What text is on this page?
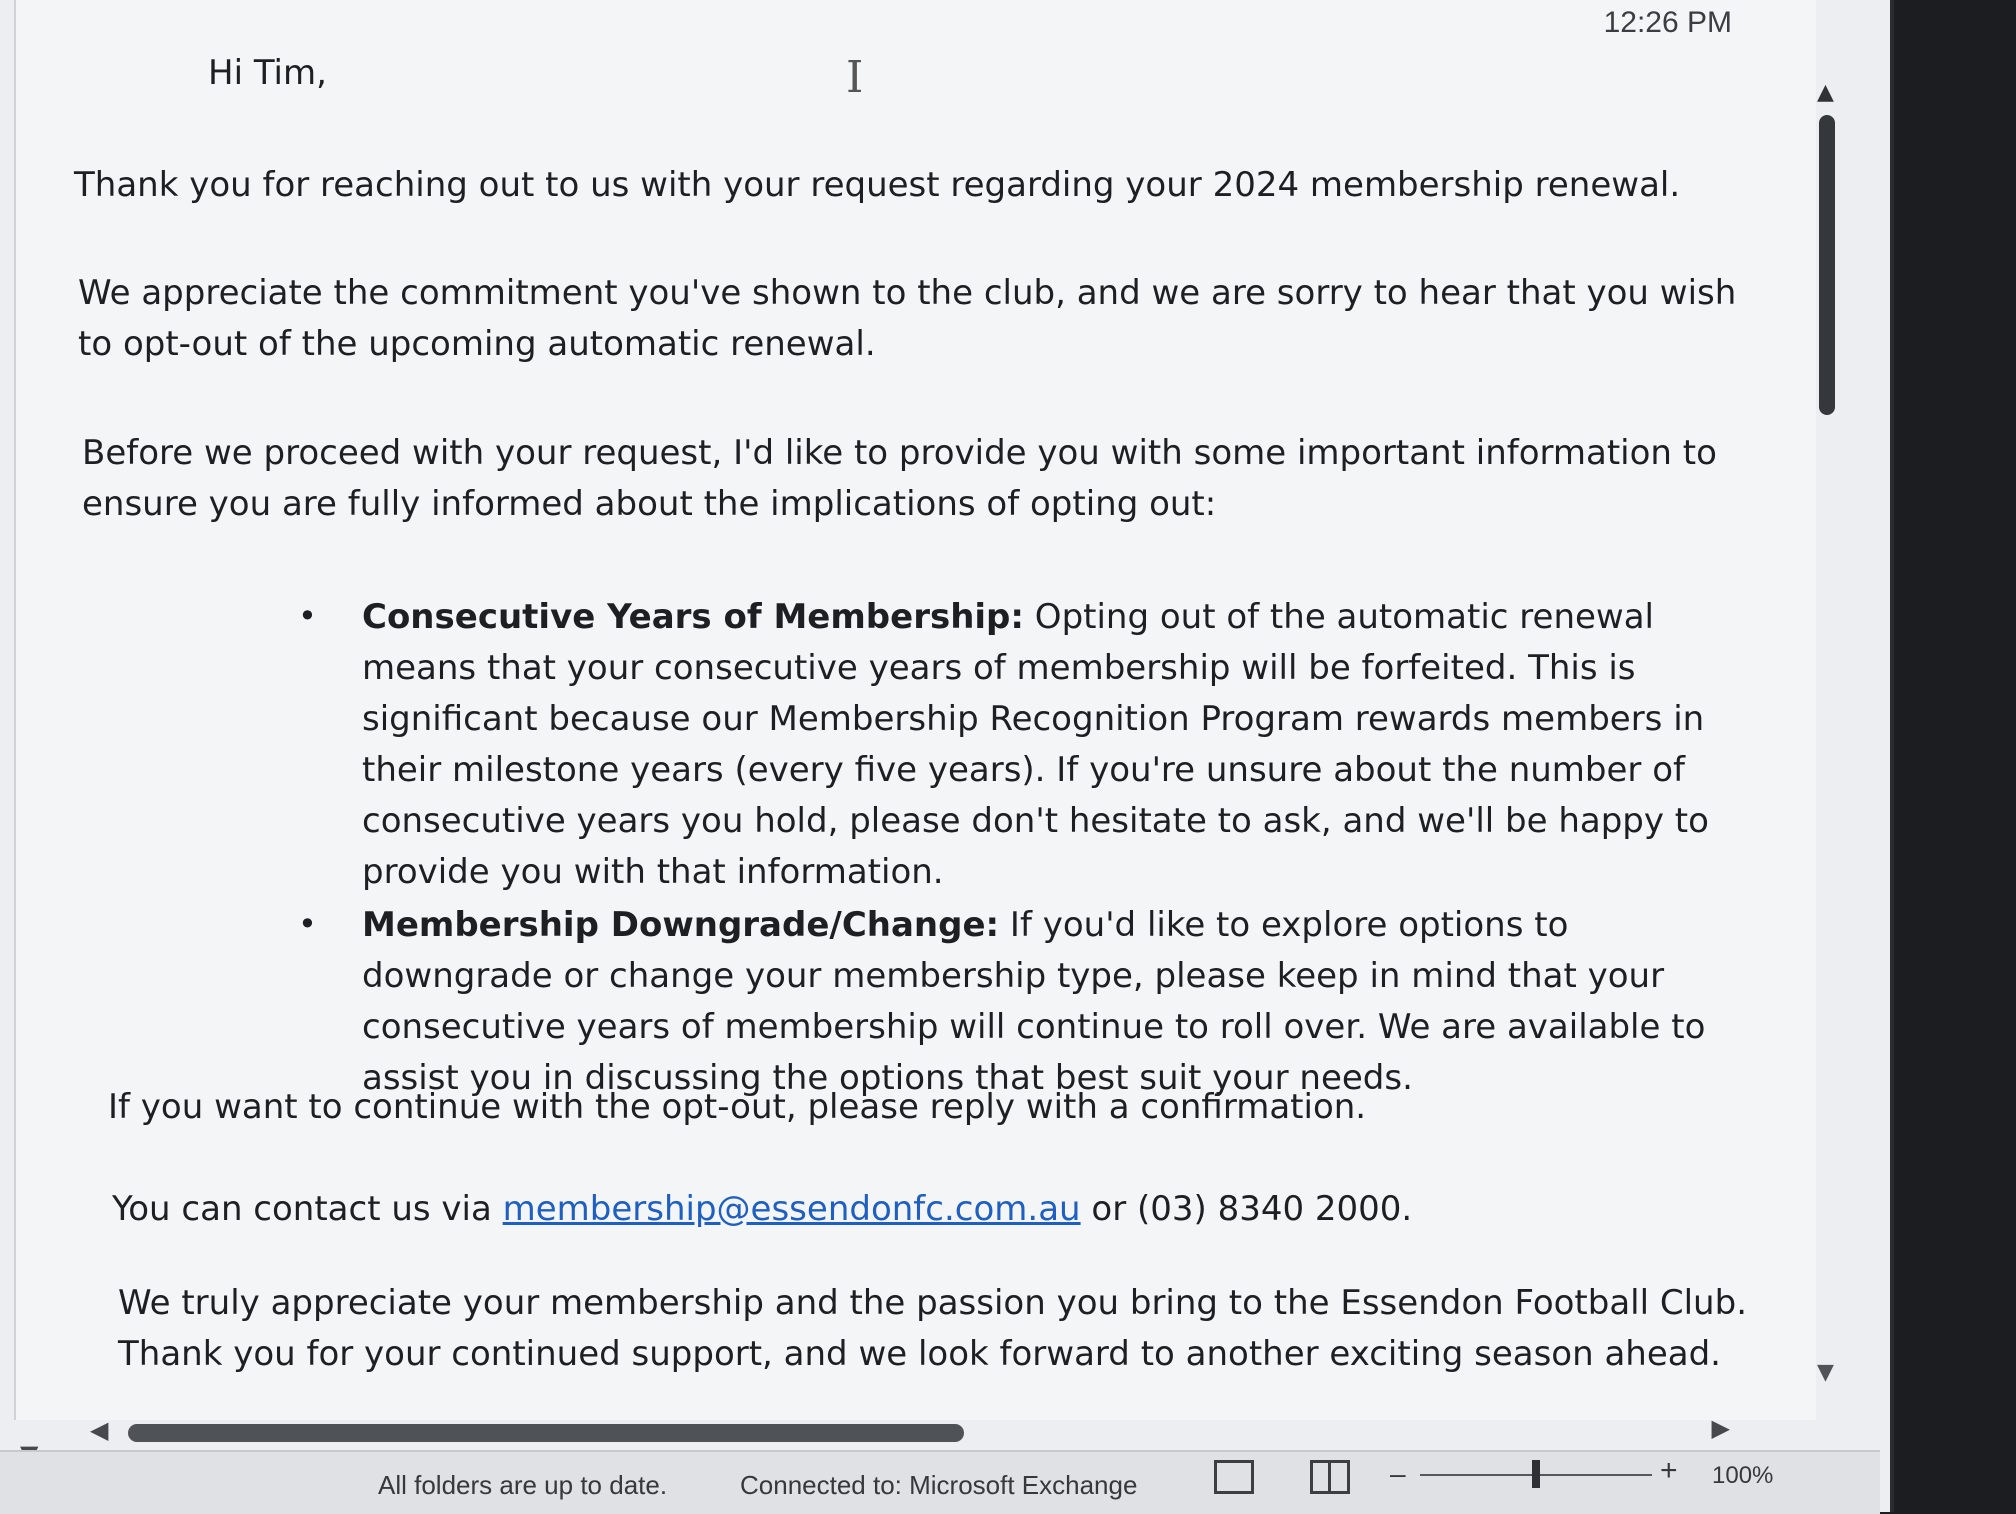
12:26 PM
I

Hi Tim,

Thank you for reaching out to us with your request regarding your 2024 membership renewal.

We appreciate the commitment you've shown to the club, and we are sorry to hear that you wish to opt-out of the upcoming automatic renewal.

Before we proceed with your request, I'd like to provide you with some important information to ensure you are fully informed about the implications of opting out:

• Consecutive Years of Membership: Opting out of the automatic renewal means that your consecutive years of membership will be forfeited. This is significant because our Membership Recognition Program rewards members in their milestone years (every five years). If you're unsure about the number of consecutive years you hold, please don't hesitate to ask, and we'll be happy to provide you with that information.
• Membership Downgrade/Change: If you'd like to explore options to downgrade or change your membership type, please keep in mind that your consecutive years of membership will continue to roll over. We are available to assist you in discussing the options that best suit your needs.

If you want to continue with the opt-out, please reply with a confirmation.

You can contact us via membership@essendonfc.com.au or (03) 8340 2000.

We truly appreciate your membership and the passion you bring to the Essendon Football Club. Thank you for your continued support, and we look forward to another exciting season ahead.

▲
▼
◀	▶
All folders are up to date.	Connected to: Microsoft Exchange	–	+ 100%
